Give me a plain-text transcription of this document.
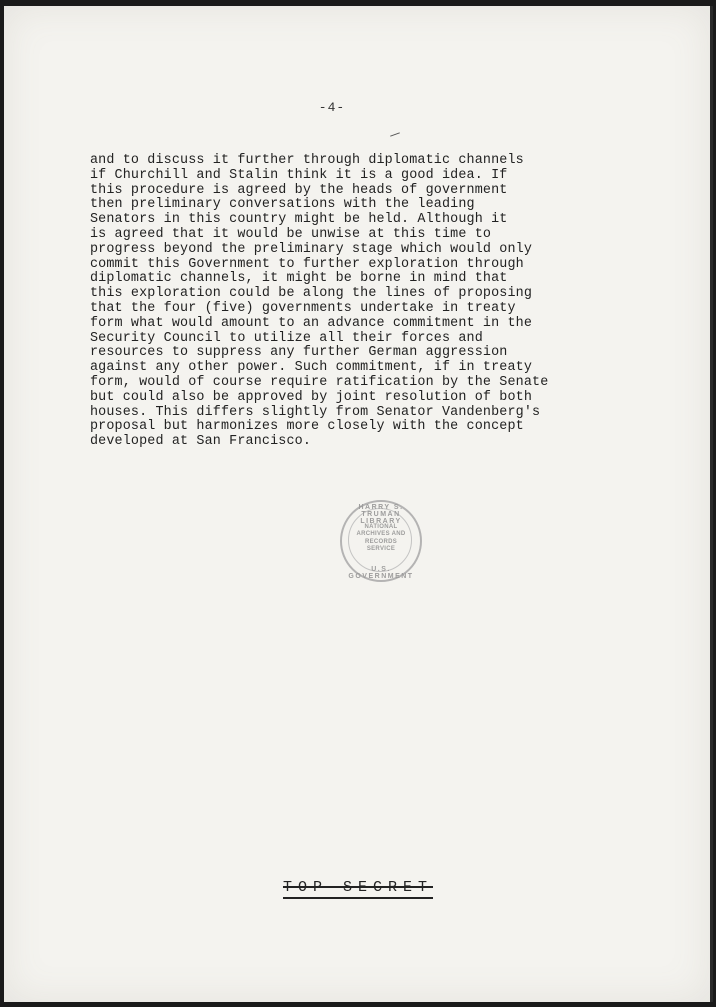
-4-
and to discuss it further through diplomatic channels
if Churchill and Stalin think it is a good idea. If
this procedure is agreed by the heads of government
then preliminary conversations with the leading
Senators in this country might be held. Although it
is agreed that it would be unwise at this time to
progress beyond the preliminary stage which would only
commit this Government to further exploration through
diplomatic channels, it might be borne in mind that
this exploration could be along the lines of proposing
that the four (five) governments undertake in treaty
form what would amount to an advance commitment in the
Security Council to utilize all their forces and
resources to suppress any further German aggression
against any other power. Such commitment, if in treaty
form, would of course require ratification by the Senate
but could also be approved by joint resolution of both
houses. This differs slightly from Senator Vandenberg's
proposal but harmonizes more closely with the concept
developed at San Francisco.
HARRY S. TRUMAN LIBRARY
NATIONAL
ARCHIVES AND
RECORDS
SERVICE
U.S. GOVERNMENT
TOP SECRET
